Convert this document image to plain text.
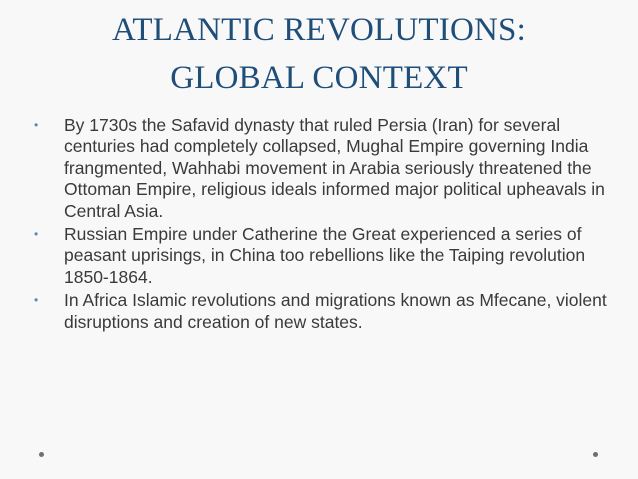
ATLANTIC REVOLUTIONS:
GLOBAL CONTEXT
• By 1730s the Safavid dynasty that ruled Persia (Iran) for several centuries had completely collapsed, Mughal Empire governing India frangmented, Wahhabi movement in Arabia seriously threatened the Ottoman Empire, religious ideals informed major political upheavals in Central Asia.
• Russian Empire under Catherine the Great experienced a series of peasant uprisings, in China too rebellions like the Taiping revolution 1850-1864.
• In Africa Islamic revolutions and migrations known as Mfecane, violent disruptions and creation of new states.
